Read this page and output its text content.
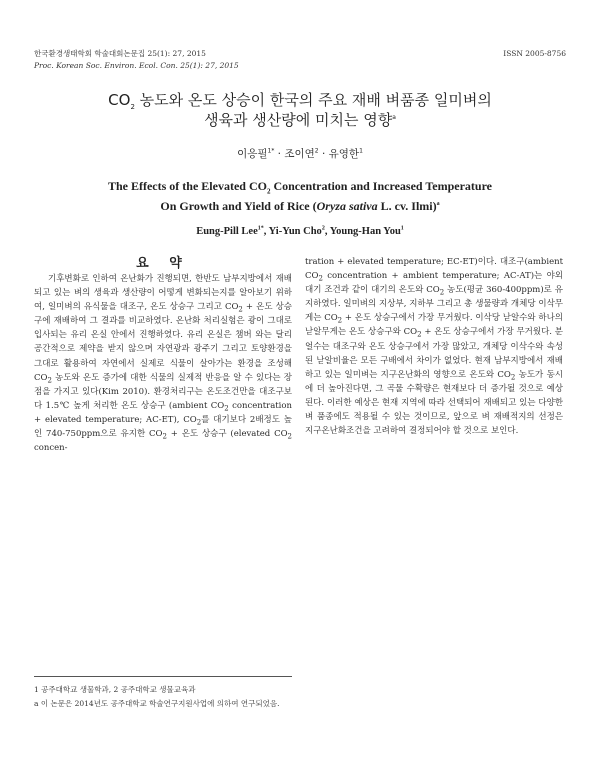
한국환경생태학회 학술대회논문집 25(1): 27, 2015	ISSN 2005-8756
Proc. Korean Soc. Environ. Ecol. Con. 25(1): 27, 2015
$CO_2$ 농도와 온도 상승이 한국의 주요 재배 벼품종 일미벼의
생육과 생산량에 미치는 영향$^a$
이응필$^{1*}$ · 조이연$^2$ · 유영한$^1$
The Effects of the Elevated $CO_2$ Concentration and Increased Temperature
On Growth and Yield of Rice (Oryza sativa L. cv. Ilmi)$^a$
Eung-Pill Lee$^{1*}$, Yi-Yun Cho$^2$, Young-Han You$^1$
요 약
기후변화로 인하여 온난화가 진행되면, 한반도 남부지방에서 재배되고 있는 벼의 생육과 생산량이 어떻게 변화되는지를 알아보기 위하여, 일미벼의 유식물을 대조구, 온도 상승구 그리고 $CO_2$ + 온도 상승구에 재배하여 그 결과를 비교하였다. 온난화 처리실험은 광이 그대로 입사되는 유리 온실 안에서 진행하였다. 유리 온실은 챔버 와는 달리 공간적으로 제약을 받지 않으며 자연광과 광주기 그리고 토양환경을 그대로 활용하여 자연에서 실제로 식물이 살아가는 환경을 조성해 $CO_2$ 농도와 온도 증가에 대한 식물의 실제적 반응을 알 수 있다는 장점을 가지고 있다(Kim 2010). 환경처리구는 온도조건만을 대조구보다 1.5℃ 높게 처리한 온도 상승구 (ambient $CO_2$ concentration + elevated temperature; AC-ET), $CO_2$를 대기보다 2배정도 높인 740-750ppm으로 유지한 $CO_2$ + 온도 상승구 (elevated $CO_2$ concen-
tration + elevated temperature; EC-ET)이다. 대조구(ambient $CO_2$ concentration + ambient temperature; AC-AT)는 야외 대기 조건과 같이 대기의 온도와 $CO_2$ 농도(평균 360-400ppm)로 유지하였다. 일미벼의 지상부, 지하부 그리고 총 생물량과 개체당 이삭무게는 $CO_2$ + 온도 상승구에서 가장 무거웠다. 이삭당 낟알수와 하나의 낟알무게는 온도 상승구와 $CO_2$ + 온도 상승구에서 가장 무거웠다. 분얼수는 대조구와 온도 상승구에서 가장 많았고, 개체당 이삭수와 속성된 낟알비율은 모든 구배에서 차이가 없었다. 현재 남부지방에서 재배하고 있는 일미벼는 지구온난화의 영향으로 온도와 $CO_2$ 농도가 동시에 더 높아진다면, 그 곡물 수확량은 현재보다 더 증가될 것으로 예상된다. 이러한 예상은 현재 지역에 따라 선택되어 재배되고 있는 다양한 벼 품종에도 적용될 수 있는 것이므로, 앞으로 벼 재배적지의 선정은 지구온난화조건을 고려하여 결정되어야 할 것으로 보인다.
1 공주대학교 생물학과, 2 공주대학교 생물교육과
a 이 논문은 2014년도 공주대학교 학술연구지원사업에 의하여 연구되었음.
